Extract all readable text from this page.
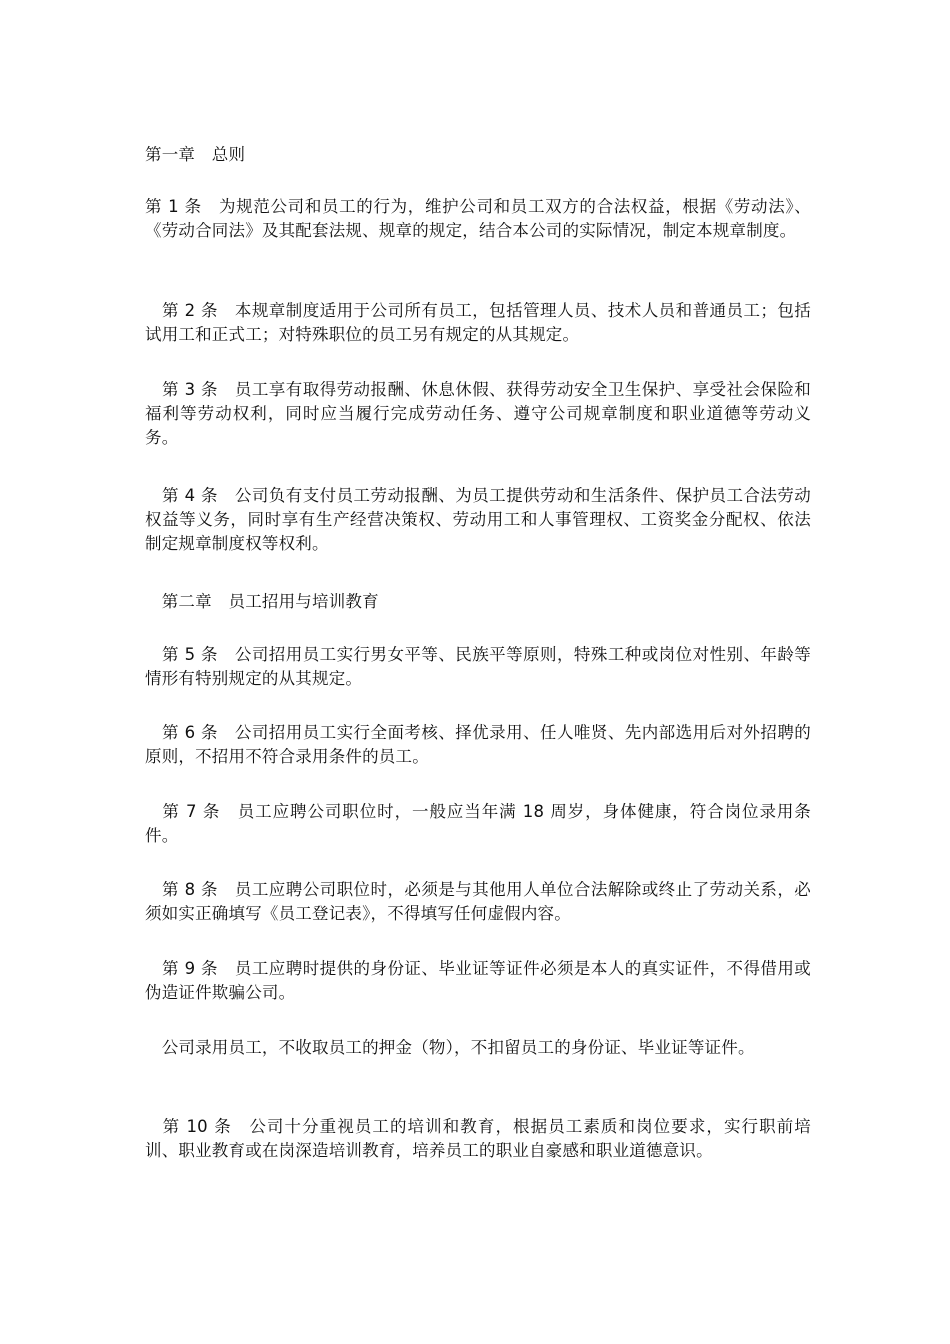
第一章　总则

第 1 条　为规范公司和员工的行为，维护公司和员工双方的合法权益，根据《劳动法》、《劳动合同法》及其配套法规、规章的规定，结合本公司的实际情况，制定本规章制度。

　第 2 条　本规章制度适用于公司所有员工，包括管理人员、技术人员和普通员工；包括试用工和正式工；对特殊职位的员工另有规定的从其规定。

　第 3 条　员工享有取得劳动报酬、休息休假、获得劳动安全卫生保护、享受社会保险和福利等劳动权利，同时应当履行完成劳动任务、遵守公司规章制度和职业道德等劳动义务。

　第 4 条　公司负有支付员工劳动报酬、为员工提供劳动和生活条件、保护员工合法劳动权益等义务，同时享有生产经营决策权、劳动用工和人事管理权、工资奖金分配权、依法制定规章制度权等权利。

　第二章　员工招用与培训教育

　第 5 条　公司招用员工实行男女平等、民族平等原则，特殊工种或岗位对性别、年龄等情形有特别规定的从其规定。

　第 6 条　公司招用员工实行全面考核、择优录用、任人唯贤、先内部选用后对外招聘的原则，不招用不符合录用条件的员工。

　第 7 条　员工应聘公司职位时，一般应当年满 18 周岁，身体健康，符合岗位录用条件。

　第 8 条　员工应聘公司职位时，必须是与其他用人单位合法解除或终止了劳动关系，必须如实正确填写《员工登记表》，不得填写任何虚假内容。

　第 9 条　员工应聘时提供的身份证、毕业证等证件必须是本人的真实证件，不得借用或伪造证件欺骗公司。

　公司录用员工，不收取员工的押金（物），不扣留员工的身份证、毕业证等证件。

　第 10 条　公司十分重视员工的培训和教育，根据员工素质和岗位要求，实行职前培训、职业教育或在岗深造培训教育，培养员工的职业自豪感和职业道德意识。
